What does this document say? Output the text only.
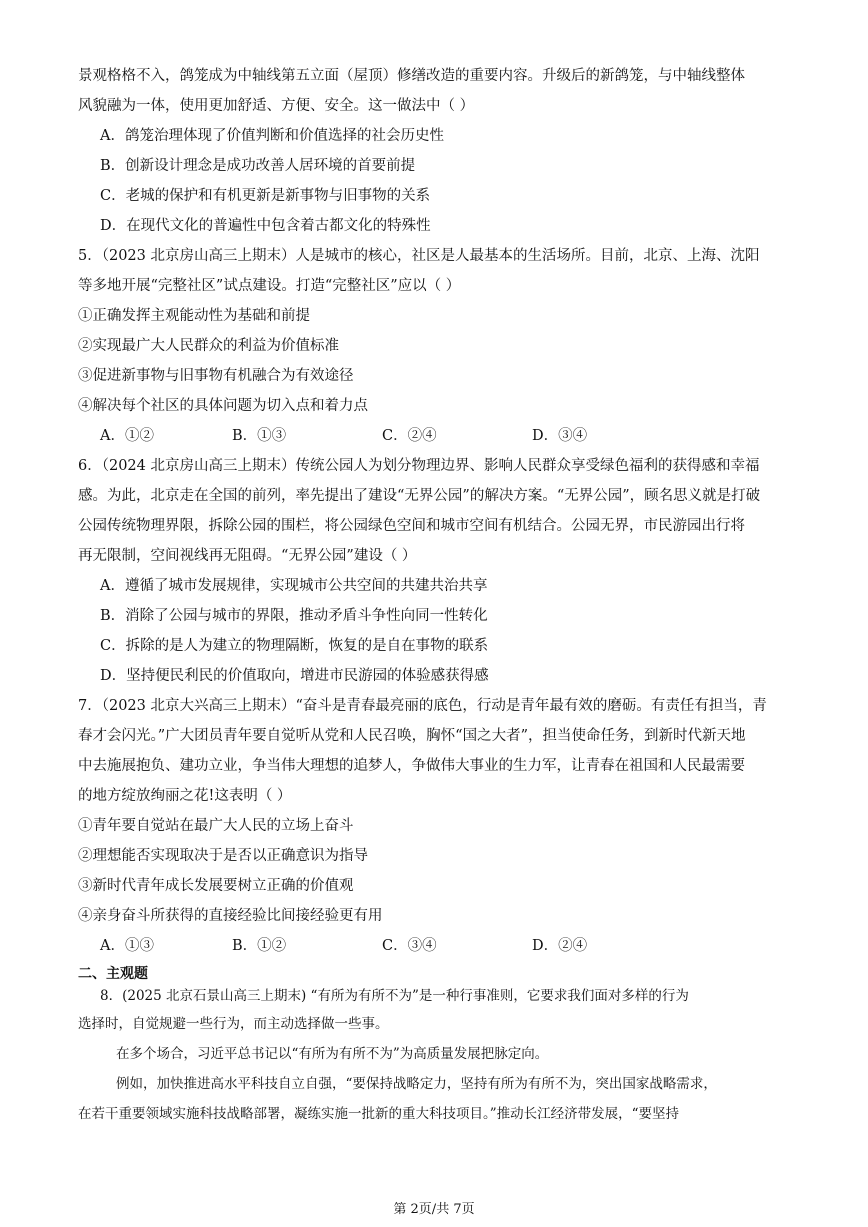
景观格格不入，鸽笼成为中轴线第五立面（屋顶）修缮改造的重要内容。升级后的新鸽笼，与中轴线整体
风貌融为一体，使用更加舒适、方便、安全。这一做法中（ ）
A．鸽笼治理体现了价值判断和价值选择的社会历史性
B．创新设计理念是成功改善人居环境的首要前提
C．老城的保护和有机更新是新事物与旧事物的关系
D．在现代文化的普遍性中包含着古都文化的特殊性
5．（2023 北京房山高三上期末）人是城市的核心，社区是人最基本的生活场所。目前，北京、上海、沈阳
等多地开展“完整社区”试点建设。打造“完整社区”应以（ ）
①正确发挥主观能动性为基础和前提
②实现最广大人民群众的利益为价值标准
③促进新事物与旧事物有机融合为有效途径
④解决每个社区的具体问题为切入点和着力点
A．①②	B．①③	C．②④	D．③④
6．（2024 北京房山高三上期末）传统公园人为划分物理边界、影响人民群众享受绿色福利的获得感和幸福
感。为此，北京走在全国的前列，率先提出了建设“无界公园”的解决方案。“无界公园”，顾名思义就是打破
公园传统物理界限，拆除公园的围栏，将公园绿色空间和城市空间有机结合。公园无界，市民游园出行将
再无限制，空间视线再无阻碍。“无界公园”建设（ ）
A．遵循了城市发展规律，实现城市公共空间的共建共治共享
B．消除了公园与城市的界限，推动矛盾斗争性向同一性转化
C．拆除的是人为建立的物理隔断，恢复的是自在事物的联系
D．坚持便民利民的价值取向，增进市民游园的体验感获得感
7．（2023 北京大兴高三上期末）“奋斗是青春最亮丽的底色，行动是青年最有效的磨砺。有责任有担当，青
春才会闪光。”广大团员青年要自觉听从党和人民召唤，胸怀“国之大者”，担当使命任务，到新时代新天地
中去施展抱负、建功立业，争当伟大理想的追梦人，争做伟大事业的生力军，让青春在祖国和人民最需要
的地方绽放绚丽之花!这表明（ ）
①青年要自觉站在最广大人民的立场上奋斗
②理想能否实现取决于是否以正确意识为指导
③新时代青年成长发展要树立正确的价值观
④亲身奋斗所获得的直接经验比间接经验更有用
A．①③	B．①②	C．③④	D．②④
二、主观题
8．(2025 北京石景山高三上期末) “有所为有所不为”是一种行事准则，它要求我们面对多样的行为
选择时，自觉规避一些行为，而主动选择做一些事。
在多个场合，习近平总书记以“有所为有所不为”为高质量发展把脉定向。
例如，加快推进高水平科技自立自强，“要保持战略定力，坚持有所为有所不为，突出国家战略需求，
在若干重要领域实施科技战略部署，凝练实施一批新的重大科技项目。”推动长江经济带发展，“要坚持
第 2页/共 7页
